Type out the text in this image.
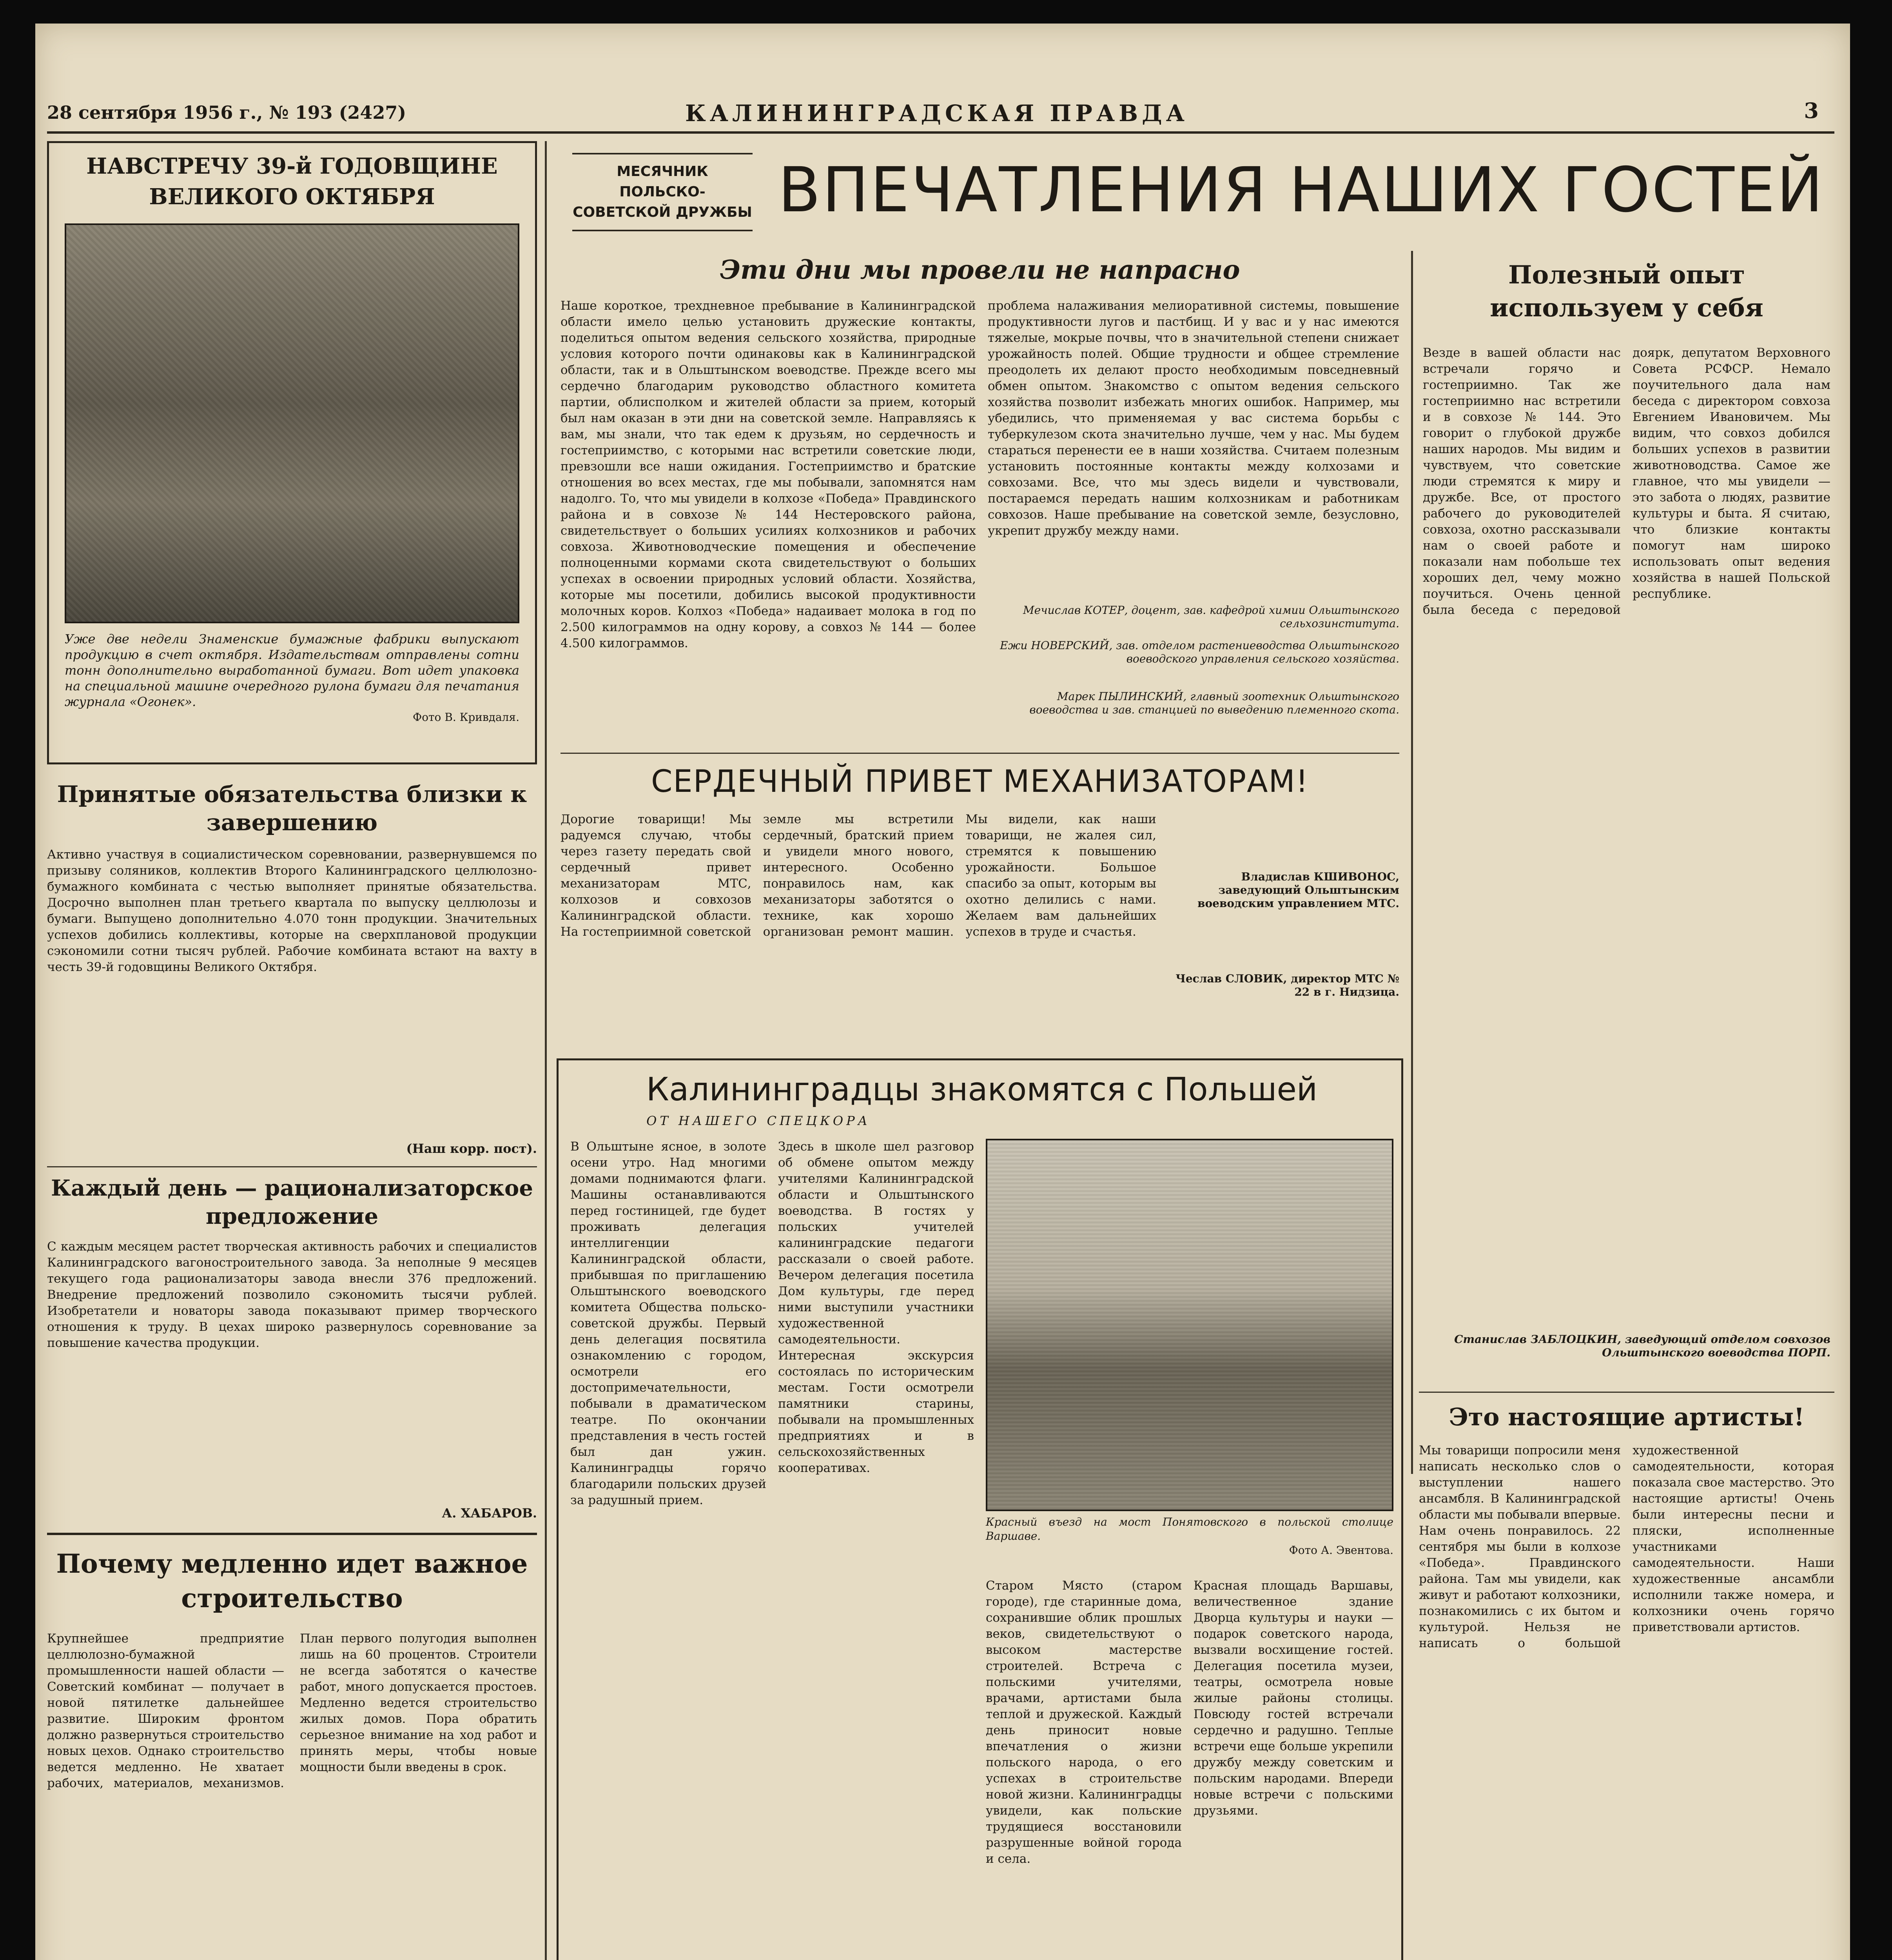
28 сентября 1956 г., № 193 (2427)	КАЛИНИНГРАДСКАЯ ПРАВДА	3
НАВСТРЕЧУ 39-й ГОДОВЩИНЕ ВЕЛИКОГО ОКТЯБРЯ
Уже две недели Знаменские бумажные фабрики выпускают продукцию в счет октября. Издательствам отправлены сотни тонн дополнительно выработанной бумаги. Вот идет упаковка на специальной машине очередного рулона бумаги для печатания журнала «Огонек».
Фото В. Кривдаля.
Принятые обязательства близки к завершению
Активно участвуя в социалистическом соревновании, развернувшемся по призыву соляников, коллектив Второго Калининградского целлюлозно-бумажного комбината с честью выполняет принятые обязательства. Досрочно выполнен план третьего квартала по выпуску целлюлозы и бумаги. Выпущено дополнительно 4.070 тонн продукции. Значительных успехов добились коллективы, которые на сверхплановой продукции сэкономили сотни тысяч рублей. Рабочие комбината встают на вахту в честь 39-й годовщины Великого Октября.
(Наш корр. пост).
Каждый день — рационализаторское предложение
С каждым месяцем растет творческая активность рабочих и специалистов Калининградского вагоностроительного завода. За неполные 9 месяцев текущего года рационализаторы завода внесли 376 предложений. Внедрение предложений позволило сэкономить тысячи рублей. Изобретатели и новаторы завода показывают пример творческого отношения к труду. В цехах широко развернулось соревнование за повышение качества продукции.
А. ХАБАРОВ.
Почему медленно идет важное строительство
Крупнейшее предприятие целлюлозно-бумажной промышленности нашей области — Советский комбинат — получает в новой пятилетке дальнейшее развитие. Широким фронтом должно развернуться строительство новых цехов. Однако строительство ведется медленно. Не хватает рабочих, материалов, механизмов. План первого полугодия выполнен лишь на 60 процентов. Строители не всегда заботятся о качестве работ, много допускается простоев. Медленно ведется строительство жилых домов. Пора обратить серьезное внимание на ход работ и принять меры, чтобы новые мощности были введены в срок.
МЕСЯЧНИК ПОЛЬСКО-СОВЕТСКОЙ ДРУЖБЫ ВПЕЧАТЛЕНИЯ НАШИХ ГОСТЕЙ
Эти дни мы провели не напрасно
Наше короткое, трехдневное пребывание в Калининградской области имело целью установить дружеские контакты, поделиться опытом ведения сельского хозяйства, природные условия которого почти одинаковы как в Калининградской области, так и в Ольштынском воеводстве. Прежде всего мы сердечно благодарим руководство областного комитета партии, облисполком и жителей области за прием, который был нам оказан в эти дни на советской земле. Направляясь к вам, мы знали, что так едем к друзьям, но сердечность и гостеприимство, с которыми нас встретили советские люди, превзошли все наши ожидания. Гостеприимство и братские отношения во всех местах, где мы побывали, запомнятся нам надолго. То, что мы увидели в колхозе «Победа» Правдинского района и в совхозе № 144 Нестеровского района, свидетельствует о больших усилиях колхозников и рабочих совхоза. Животноводческие помещения и обеспечение полноценными кормами скота свидетельствуют о больших успехах в освоении природных условий области. Хозяйства, которые мы посетили, добились высокой продуктивности молочных коров. Колхоз «Победа» надаивает молока в год по 2.500 килограммов на одну корову, а совхоз № 144 — более 4.500 килограммов.
проблема налаживания мелиоративной системы, повышение продуктивности лугов и пастбищ. И у вас и у нас имеются тяжелые, мокрые почвы, что в значительной степени снижает урожайность полей. Общие трудности и общее стремление преодолеть их делают просто необходимым повседневный обмен опытом. Знакомство с опытом ведения сельского хозяйства позволит избежать многих ошибок. Например, мы убедились, что применяемая у вас система борьбы с туберкулезом скота значительно лучше, чем у нас. Мы будем стараться перенести ее в наши хозяйства. Считаем полезным установить постоянные контакты между колхозами и совхозами. Все, что мы здесь видели и чувствовали, постараемся передать нашим колхозникам и работникам совхозов. Наше пребывание на советской земле, безусловно, укрепит дружбу между нами.
Мечислав КОТЕР, доцент, зав. кафедрой химии Ольштынского сельхозинститута.
Ежи НОВЕРСКИЙ, зав. отделом растениеводства Ольштынского воеводского управления сельского хозяйства.
Марек ПЫЛИНСКИЙ, главный зоотехник Ольштынского воеводства и зав. станцией по выведению племенного скота.
Полезный опыт используем у себя
Везде в вашей области нас встречали горячо и гостеприимно. Так же гостеприимно нас встретили и в совхозе № 144. Это говорит о глубокой дружбе наших народов. Мы видим и чувствуем, что советские люди стремятся к миру и дружбе. Все, от простого рабочего до руководителей совхоза, охотно рассказывали нам о своей работе и показали нам побольше тех хороших дел, чему можно поучиться. Очень ценной была беседа с передовой доярк, депутатом Верховного Совета РСФСР. Немало поучительного дала нам беседа с директором совхоза Евгением Ивановичем. Мы видим, что совхоз добился больших успехов в развитии животноводства. Самое же главное, что мы увидели — это забота о людях, развитие культуры и быта. Я считаю, что близкие контакты помогут нам широко использовать опыт ведения хозяйства в нашей Польской республике.
Станислав ЗАБЛОЦКИН, заведующий отделом совхозов Ольштынского воеводства ПОРП.
СЕРДЕЧНЫЙ ПРИВЕТ МЕХАНИЗАТОРАМ!
Дорогие товарищи! Мы радуемся случаю, чтобы через газету передать свой сердечный привет механизаторам МТС, колхозов и совхозов Калининградской области. На гостеприимной советской земле мы встретили сердечный, братский прием и увидели много нового, интересного. Особенно понравилось нам, как механизаторы заботятся о технике, как хорошо организован ремонт машин. Мы видели, как наши товарищи, не жалея сил, стремятся к повышению урожайности. Большое спасибо за опыт, которым вы охотно делились с нами. Желаем вам дальнейших успехов в труде и счастья.
Владислав КШИВОНОС, заведующий Ольштынским воеводским управлением МТС.
Чеслав СЛОВИК, директор МТС № 22 в г. Нидзица.
Калининградцы знакомятся с Польшей
ОТ НАШЕГО СПЕЦКОРА
В Ольштыне ясное, в золоте осени утро. Над многими домами поднимаются флаги. Машины останавливаются перед гостиницей, где будет проживать делегация интеллигенции Калининградской области, прибывшая по приглашению Ольштынского воеводского комитета Общества польско-советской дружбы. Первый день делегация посвятила ознакомлению с городом, осмотрели его достопримечательности, побывали в драматическом театре. По окончании представления в честь гостей был дан ужин. Калининградцы горячо благодарили польских друзей за радушный прием.
Здесь в школе шел разговор об обмене опытом между учителями Калининградской области и Ольштынского воеводства. В гостях у польских учителей калининградские педагоги рассказали о своей работе. Вечером делегация посетила Дом культуры, где перед ними выступили участники художественной самодеятельности. Интересная экскурсия состоялась по историческим местам. Гости осмотрели памятники старины, побывали на промышленных предприятиях и в сельскохозяйственных кооперативах.
Красный въезд на мост Понятовского в польской столице Варшаве.
Фото А. Эвентова.
Старом Място (старом городе), где старинные дома, сохранившие облик прошлых веков, свидетельствуют о высоком мастерстве строителей. Встреча с польскими учителями, врачами, артистами была теплой и дружеской. Каждый день приносит новые впечатления о жизни польского народа, о его успехах в строительстве новой жизни. Калининградцы увидели, как польские трудящиеся восстановили разрушенные войной города и села.
Красная площадь Варшавы, величественное здание Дворца культуры и науки — подарок советского народа, вызвали восхищение гостей. Делегация посетила музеи, театры, осмотрела новые жилые районы столицы. Повсюду гостей встречали сердечно и радушно. Теплые встречи еще больше укрепили дружбу между советским и польским народами. Впереди новые встречи с польскими друзьями.
Это настоящие артисты!
Мы товарищи попросили меня написать несколько слов о выступлении нашего ансамбля. В Калининградской области мы побывали впервые. Нам очень понравилось. 22 сентября мы были в колхозе «Победа». Правдинского района. Там мы увидели, как живут и работают колхозники, познакомились с их бытом и культурой. Нельзя не написать о большой художественной самодеятельности, которая показала свое мастерство. Это настоящие артисты! Очень были интересны песни и пляски, исполненные участниками самодеятельности. Наши художественные ансамбли исполнили также номера, и колхозники очень горячо приветствовали артистов.
